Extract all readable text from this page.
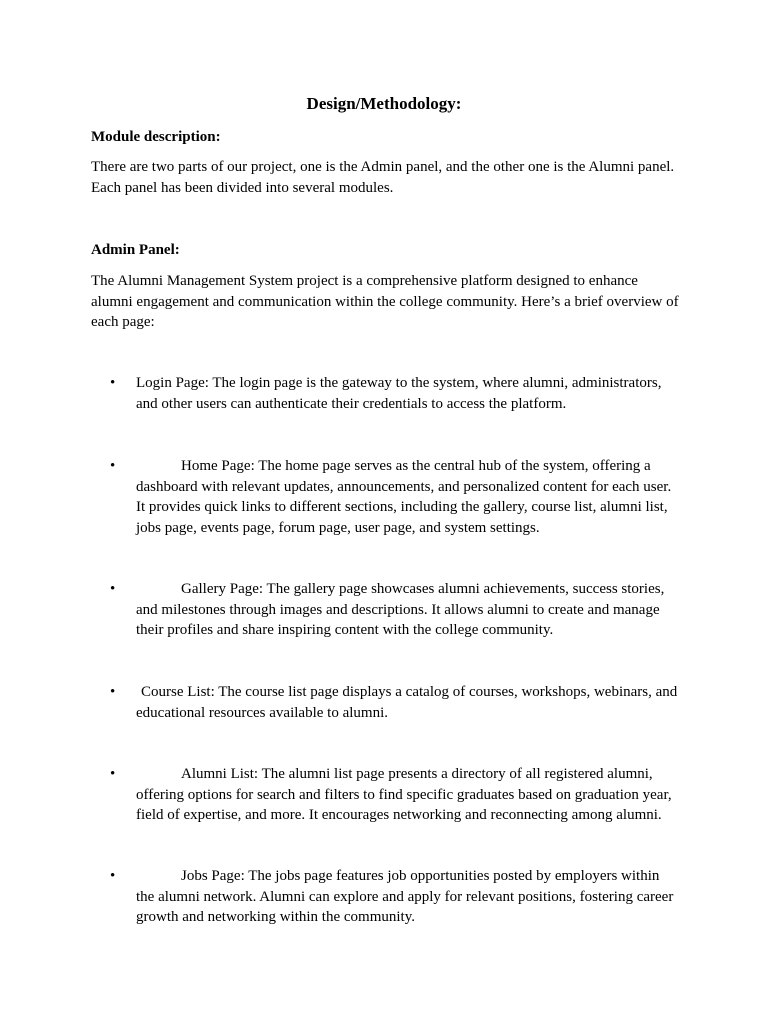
Design/Methodology:

Module description:

There are two parts of our project, one is the Admin panel, and the other one is the Alumni panel. Each panel has been divided into several modules.

Admin Panel:

The Alumni Management System project is a comprehensive platform designed to enhance alumni engagement and communication within the college community. Here’s a brief overview of each page:

• Login Page: The login page is the gateway to the system, where alumni, administrators, and other users can authenticate their credentials to access the platform.

•	Home Page: The home page serves as the central hub of the system, offering a dashboard with relevant updates, announcements, and personalized content for each user. It provides quick links to different sections, including the gallery, course list, alumni list, jobs page, events page, forum page, user page, and system settings.

•	Gallery Page: The gallery page showcases alumni achievements, success stories, and milestones through images and descriptions. It allows alumni to create and manage their profiles and share inspiring content with the college community.

•	Course List: The course list page displays a catalog of courses, workshops, webinars, and educational resources available to alumni.

•	Alumni List: The alumni list page presents a directory of all registered alumni, offering options for search and filters to find specific graduates based on graduation year, field of expertise, and more. It encourages networking and reconnecting among alumni.

•	Jobs Page: The jobs page features job opportunities posted by employers within the alumni network. Alumni can explore and apply for relevant positions, fostering career growth and networking within the community.
